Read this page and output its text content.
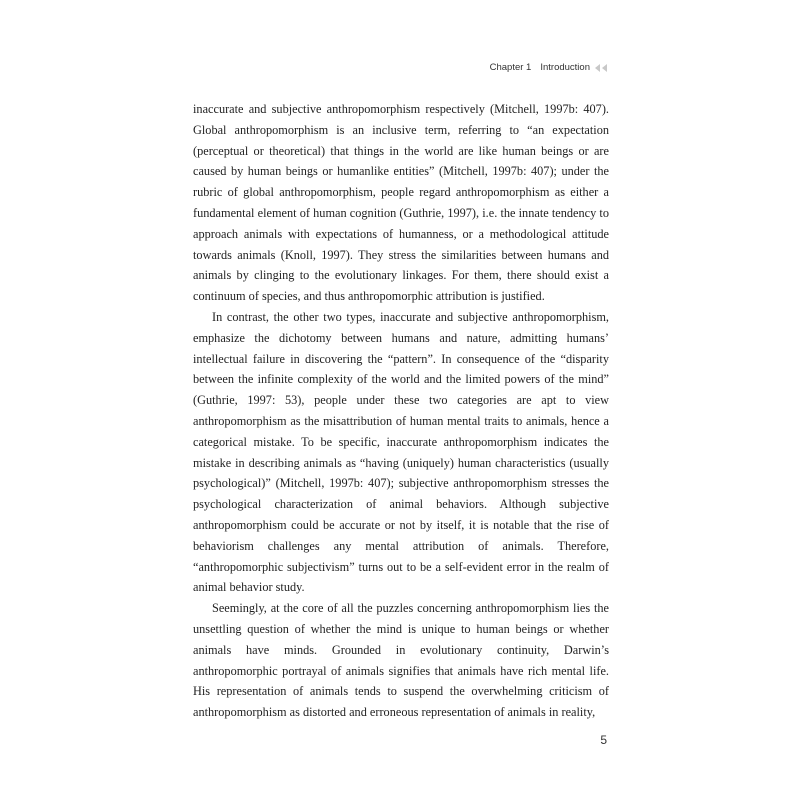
Chapter 1 Introduction

inaccurate and subjective anthropomorphism respectively (Mitchell, 1997b: 407). Global anthropomorphism is an inclusive term, referring to “an expectation (perceptual or theoretical) that things in the world are like human beings or are caused by human beings or humanlike entities” (Mitchell, 1997b: 407); under the rubric of global anthropomorphism, people regard anthropomorphism as either a fundamental element of human cognition (Guthrie, 1997), i.e. the innate tendency to approach animals with expectations of humanness, or a methodological attitude towards animals (Knoll, 1997). They stress the similarities between humans and animals by clinging to the evolutionary linkages. For them, there should exist a continuum of species, and thus anthropomorphic attribution is justified.

In contrast, the other two types, inaccurate and subjective anthropomorphism, emphasize the dichotomy between humans and nature, admitting humans’ intellectual failure in discovering the “pattern”. In consequence of the “disparity between the infinite complexity of the world and the limited powers of the mind” (Guthrie, 1997: 53), people under these two categories are apt to view anthropomorphism as the misattribution of human mental traits to animals, hence a categorical mistake. To be specific, inaccurate anthropomorphism indicates the mistake in describing animals as “having (uniquely) human characteristics (usually psychological)” (Mitchell, 1997b: 407); subjective anthropomorphism stresses the psychological characterization of animal behaviors. Although subjective anthropomorphism could be accurate or not by itself, it is notable that the rise of behaviorism challenges any mental attribution of animals. Therefore, “anthropomorphic subjectivism” turns out to be a self-evident error in the realm of animal behavior study.

Seemingly, at the core of all the puzzles concerning anthropomorphism lies the unsettling question of whether the mind is unique to human beings or whether animals have minds. Grounded in evolutionary continuity, Darwin’s anthropomorphic portrayal of animals signifies that animals have rich mental life. His representation of animals tends to suspend the overwhelming criticism of anthropomorphism as distorted and erroneous representation of animals in reality,

5
